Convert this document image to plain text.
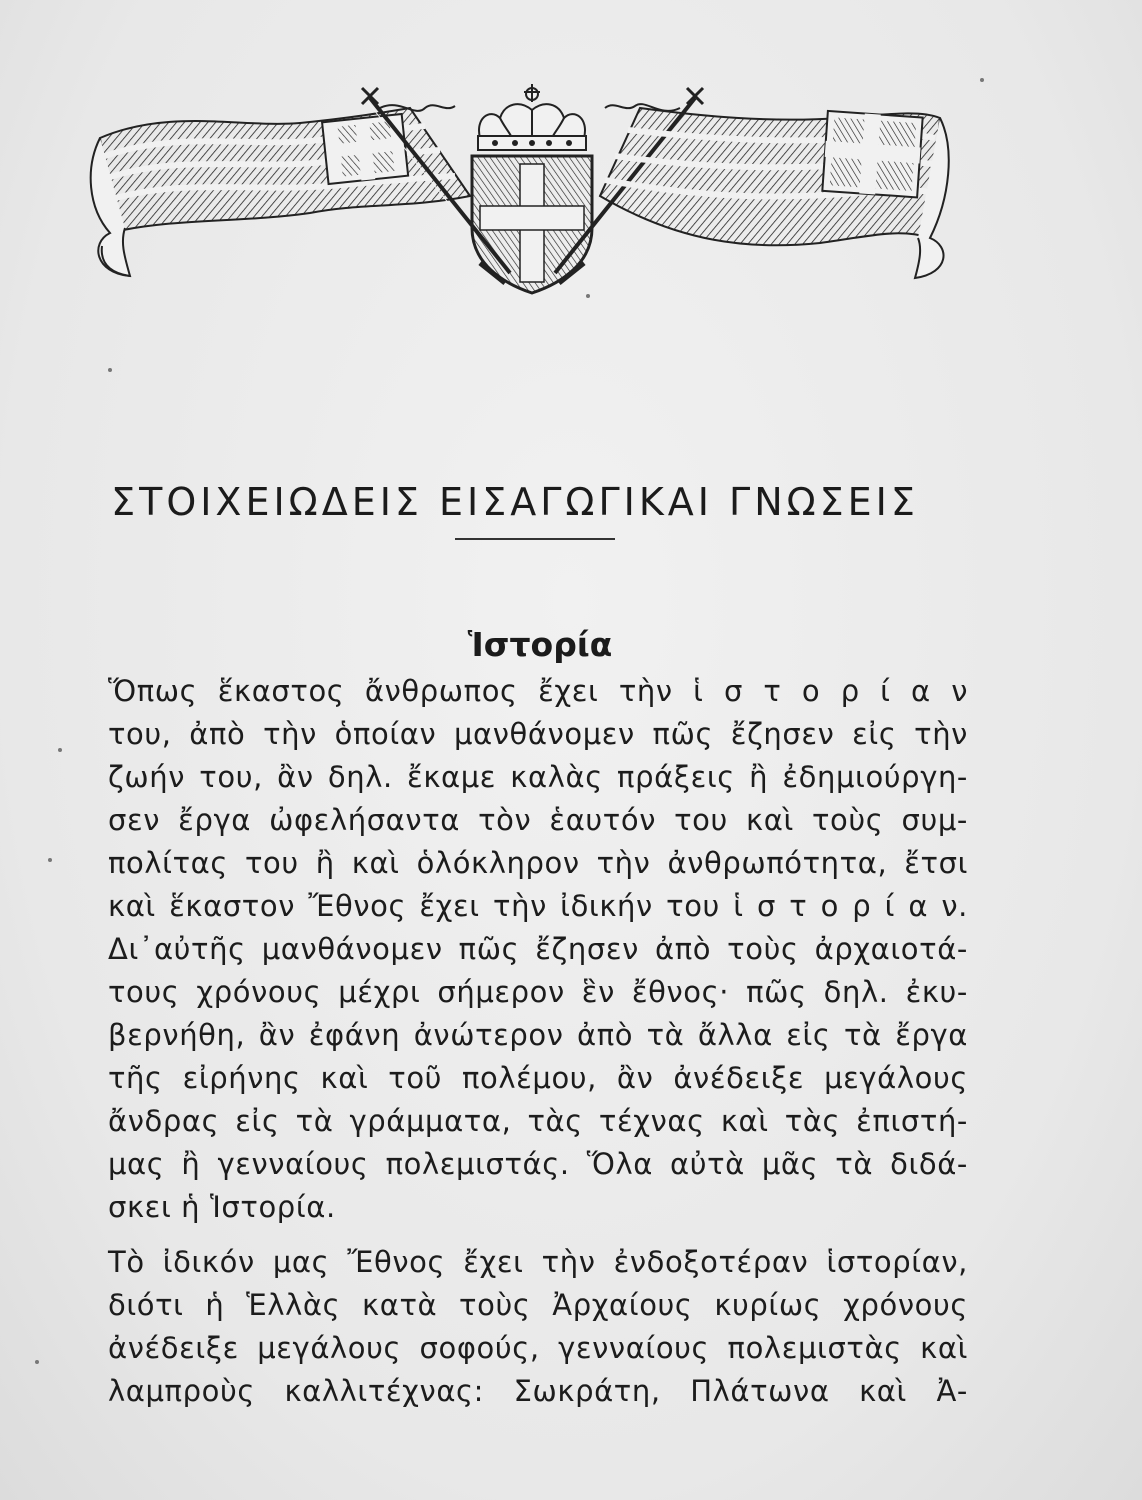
ΣΤΟΙΧΕΙΩΔΕΙΣ ΕΙΣΑΓΩΓΙΚΑΙ ΓΝΩΣΕΙΣ
Ἱστορία
Ὅπως ἕκαστος ἄνθρωπος ἔχει τὴν ἱ σ τ ο ρ ί α ν
του, ἀπὸ τὴν ὁποίαν μανθάνομεν πῶς ἔζησεν εἰς τὴν
ζωήν του, ἂν δηλ. ἔκαμε καλὰς πράξεις ἢ ἐδημιούργη-
σεν ἔργα ὠφελήσαντα τὸν ἑαυτόν του καὶ τοὺς συμ-
πολίτας του ἢ καὶ ὁλόκληρον τὴν ἀνθρωπότητα, ἔτσι
καὶ ἕκαστον Ἔθνος ἔχει τὴν ἰδικήν του ἱ σ τ ο ρ ί α ν.
Δι᾿αὐτῆς μανθάνομεν πῶς ἔζησεν ἀπὸ τοὺς ἀρχαιοτά-
τους χρόνους μέχρι σήμερον ἓν ἔθνος· πῶς δηλ. ἐκυ-
βερνήθη, ἂν ἐφάνη ἀνώτερον ἀπὸ τὰ ἄλλα εἰς τὰ ἔργα
τῆς εἰρήνης καὶ τοῦ πολέμου, ἂν ἀνέδειξε μεγάλους
ἄνδρας εἰς τὰ γράμματα, τὰς τέχνας καὶ τὰς ἐπιστή-
μας ἢ γενναίους πολεμιστάς. Ὅλα αὐτὰ μᾶς τὰ διδά-
σκει ἡ Ἱστορία.
Τὸ ἰδικόν μας Ἔθνος ἔχει τὴν ἐνδοξοτέραν ἱστορίαν,
διότι ἡ Ἑλλὰς κατὰ τοὺς Ἀρχαίους κυρίως χρόνους
ἀνέδειξε μεγάλους σοφούς, γενναίους πολεμιστὰς καὶ
λαμπροὺς καλλιτέχνας: Σωκράτη, Πλάτωνα καὶ Ἀ-
